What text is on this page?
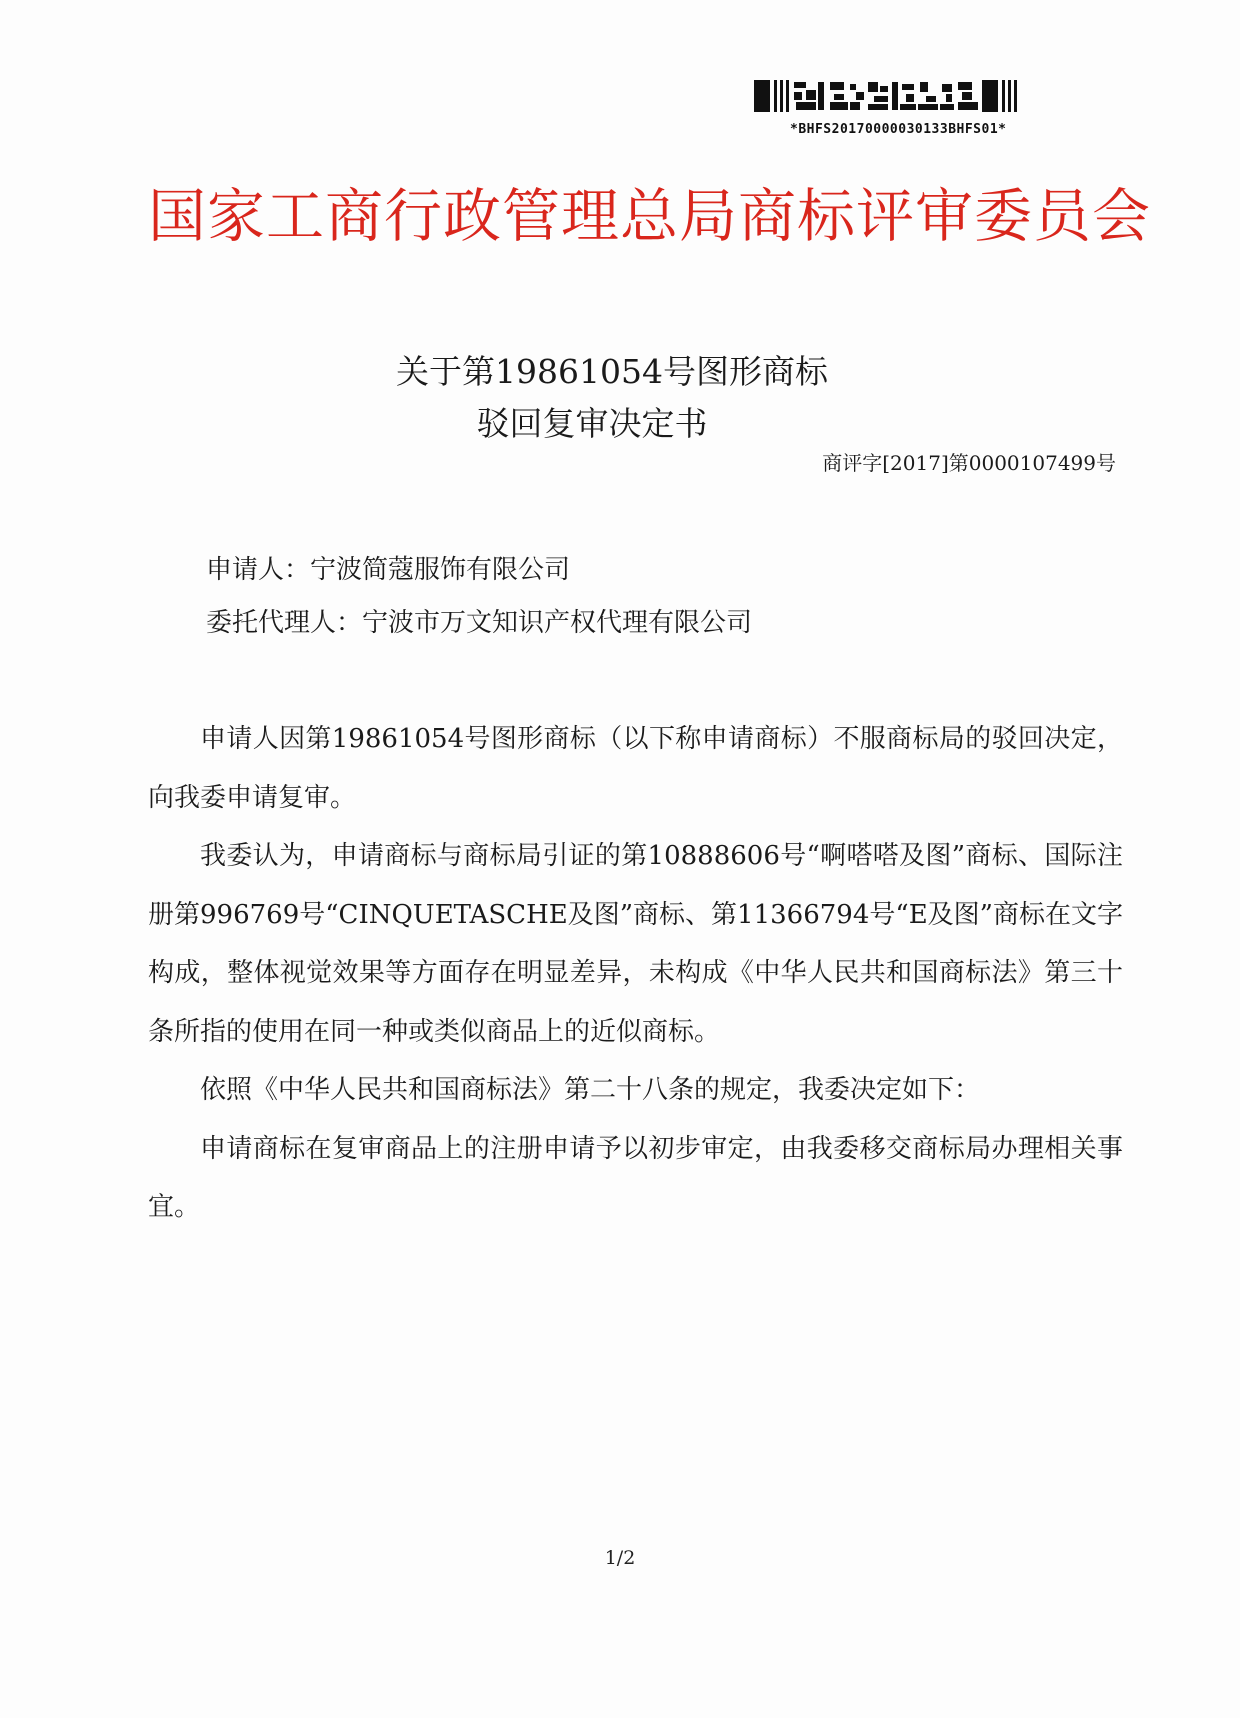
*BHFS20170000030133BHFS01*
国家工商行政管理总局商标评审委员会
关于第19861054号图形商标
驳回复审决定书
商评字[2017]第0000107499号
申请人：宁波简蔻服饰有限公司
委托代理人：宁波市万文知识产权代理有限公司

申请人因第19861054号图形商标（以下称申请商标）不服商标局的驳回决定，向我委申请复审。

我委认为，申请商标与商标局引证的第10888606号“啊嗒嗒及图”商标、国际注册第996769号“CINQUETASCHE及图”商标、第11366794号“E及图”商标在文字构成，整体视觉效果等方面存在明显差异，未构成《中华人民共和国商标法》第三十条所指的使用在同一种或类似商品上的近似商标。

依照《中华人民共和国商标法》第二十八条的规定，我委决定如下：

申请商标在复审商品上的注册申请予以初步审定，由我委移交商标局办理相关事宜。

1/2
